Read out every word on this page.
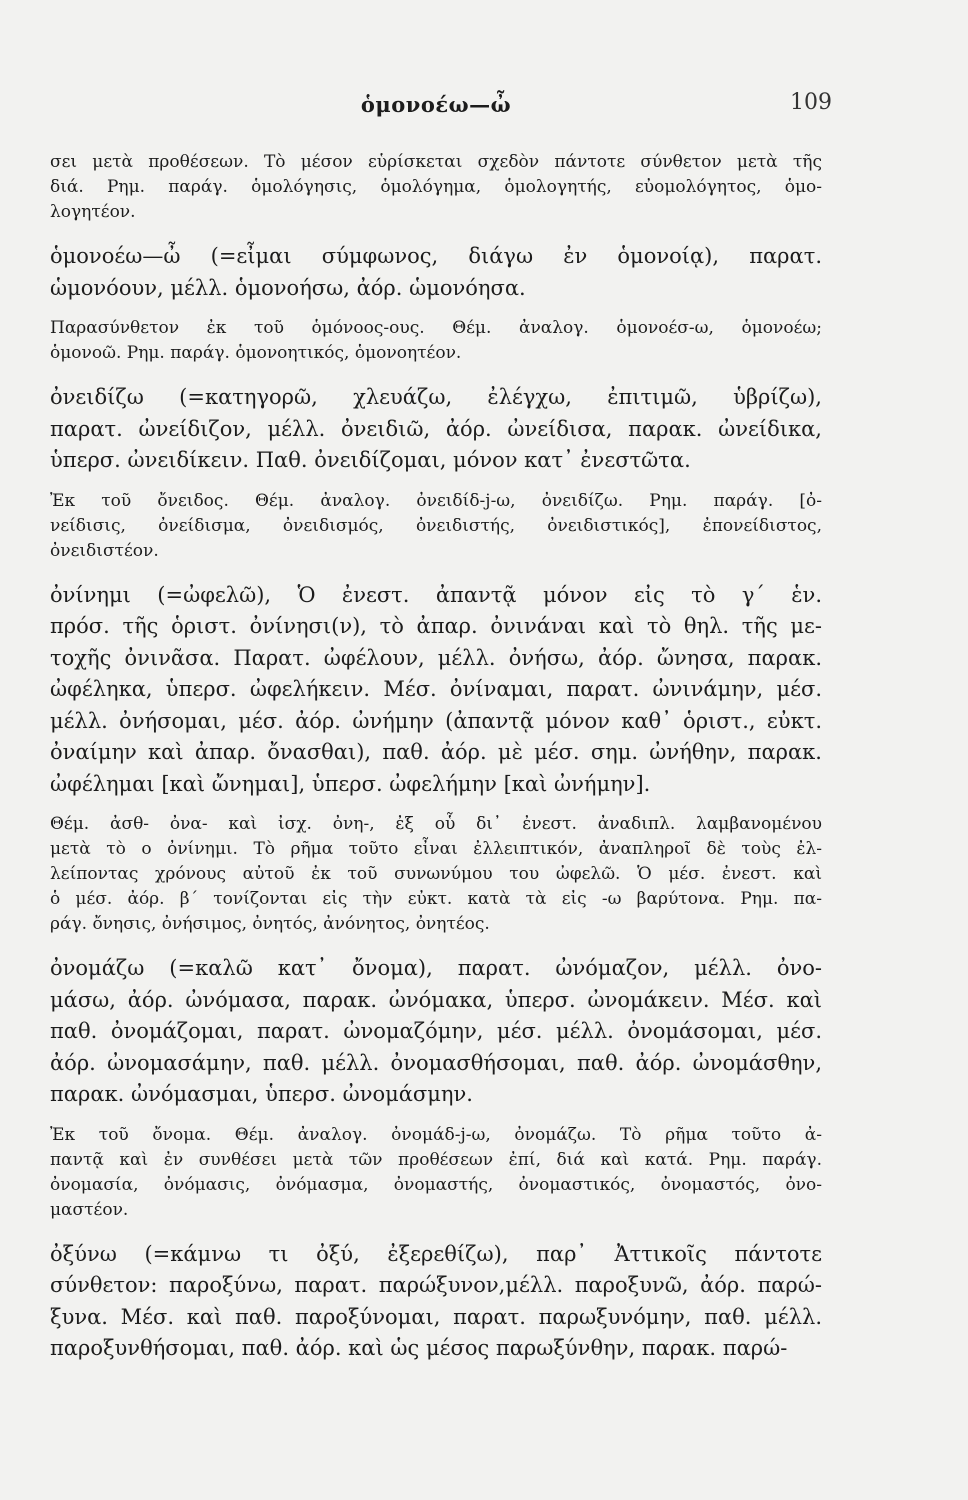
ὁμονοέω—ὦ	109
σει μετὰ προθέσεων. Τὸ μέσον εὑρίσκεται σχεδὸν πάντοτε σύνθετον μετὰ τῆς
διά. Ρημ. παράγ. ὁμολόγησις, ὁμολόγημα, ὁμολογητής, εὐομολόγητος, ὁμο-
λογητέον.
ὁμονοέω—ὦ (=εἶμαι σύμφωνος, διάγω ἐν ὁμονοίᾳ), παρατ.
ὡμονόουν, μέλλ. ὁμονοήσω, ἀόρ. ὡμονόησα.
Παρασύνθετον ἐκ τοῦ ὁμόνοος-ους. Θέμ. ἀναλογ. ὁμονοέσ-ω, ὁμονοέω;
ὁμονοῶ. Ρημ. παράγ. ὁμονοητικός, ὁμονοητέον.
ὀνειδίζω (=κατηγορῶ, χλευάζω, ἐλέγχω, ἐπιτιμῶ, ὑβρίζω),
παρατ. ὠνείδιζον, μέλλ. ὀνειδιῶ, ἀόρ. ὠνείδισα, παρακ. ὠνείδικα,
ὑπερσ. ὠνειδίκειν. Παθ. ὀνειδίζομαι, μόνον κατ᾽ ἐνεστῶτα.
Ἐκ τοῦ ὄνειδος. Θέμ. ἀναλογ. ὀνειδίδ-j-ω, ὀνειδίζω. Ρημ. παράγ. [ὀ-
νείδισις, ὀνείδισμα, ὀνειδισμός, ὀνειδιστής, ὀνειδιστικός], ἐπονείδιστος,
ὀνειδιστέον.
ὀνίνημι (=ὠφελῶ), Ὁ ἐνεστ. ἀπαντᾷ μόνον εἰς τὸ γ΄ ἑν.
πρόσ. τῆς ὁριστ. ὀνίνησι(ν), τὸ ἀπαρ. ὀνινάναι καὶ τὸ θηλ. τῆς με-
τοχῆς ὀνινᾶσα. Παρατ. ὠφέλουν, μέλλ. ὀνήσω, ἀόρ. ὤνησα, παρακ.
ὠφέληκα, ὑπερσ. ὠφελήκειν. Μέσ. ὀνίναμαι, παρατ. ὠνινάμην, μέσ.
μέλλ. ὀνήσομαι, μέσ. ἀόρ. ὠνήμην (ἀπαντᾷ μόνον καθ᾽ ὁριστ., εὐκτ.
ὀναίμην καὶ ἀπαρ. ὄνασθαι), παθ. ἀόρ. μὲ μέσ. σημ. ὠνήθην, παρακ.
ὠφέλημαι [καὶ ὤνημαι], ὑπερσ. ὠφελήμην [καὶ ὠνήμην].
Θέμ. ἀσθ- ὀνα- καὶ ἰσχ. ὀνη-, ἐξ οὗ δι᾽ ἐνεστ. ἀναδιπλ. λαμβανομένου
μετὰ τὸ ο ὀνίνημι. Τὸ ρῆμα τοῦτο εἶναι ἐλλειπτικόν, ἀναπληροῖ δὲ τοὺς ἐλ-
λείποντας χρόνους αὐτοῦ ἐκ τοῦ συνωνύμου του ὠφελῶ. Ὁ μέσ. ἐνεστ. καὶ
ὁ μέσ. ἀόρ. β΄ τονίζονται εἰς τὴν εὐκτ. κατὰ τὰ εἰς -ω βαρύτονα. Ρημ. πα-
ράγ. ὄνησις, ὀνήσιμος, ὀνητός, ἀνόνητος, ὀνητέος.
ὀνομάζω (=καλῶ κατ᾽ ὄνομα), παρατ. ὠνόμαζον, μέλλ. ὀνο-
μάσω, ἀόρ. ὠνόμασα, παρακ. ὠνόμακα, ὑπερσ. ὠνομάκειν. Μέσ. καὶ
παθ. ὀνομάζομαι, παρατ. ὠνομαζόμην, μέσ. μέλλ. ὀνομάσομαι, μέσ.
ἀόρ. ὠνομασάμην, παθ. μέλλ. ὀνομασθήσομαι, παθ. ἀόρ. ὠνομάσθην,
παρακ. ὠνόμασμαι, ὑπερσ. ὠνομάσμην.
Ἐκ τοῦ ὄνομα. Θέμ. ἀναλογ. ὀνομάδ-j-ω, ὀνομάζω. Τὸ ρῆμα τοῦτο ἀ-
παντᾷ καὶ ἐν συνθέσει μετὰ τῶν προθέσεων ἐπί, διά καὶ κατά. Ρημ. παράγ.
ὀνομασία, ὀνόμασις, ὀνόμασμα, ὀνομαστής, ὀνομαστικός, ὀνομαστός, ὀνο-
μαστέον.
ὀξύνω (=κάμνω τι ὀξύ, ἐξερεθίζω), παρ᾽ Ἀττικοῖς πάντοτε
σύνθετον: παροξύνω, παρατ. παρώξυνον,μέλλ. παροξυνῶ, ἀόρ. παρώ-
ξυνα. Μέσ. καὶ παθ. παροξύνομαι, παρατ. παρωξυνόμην, παθ. μέλλ.
παροξυνθήσομαι, παθ. ἀόρ. καὶ ὡς μέσος παρωξύνθην, παρακ. παρώ-
